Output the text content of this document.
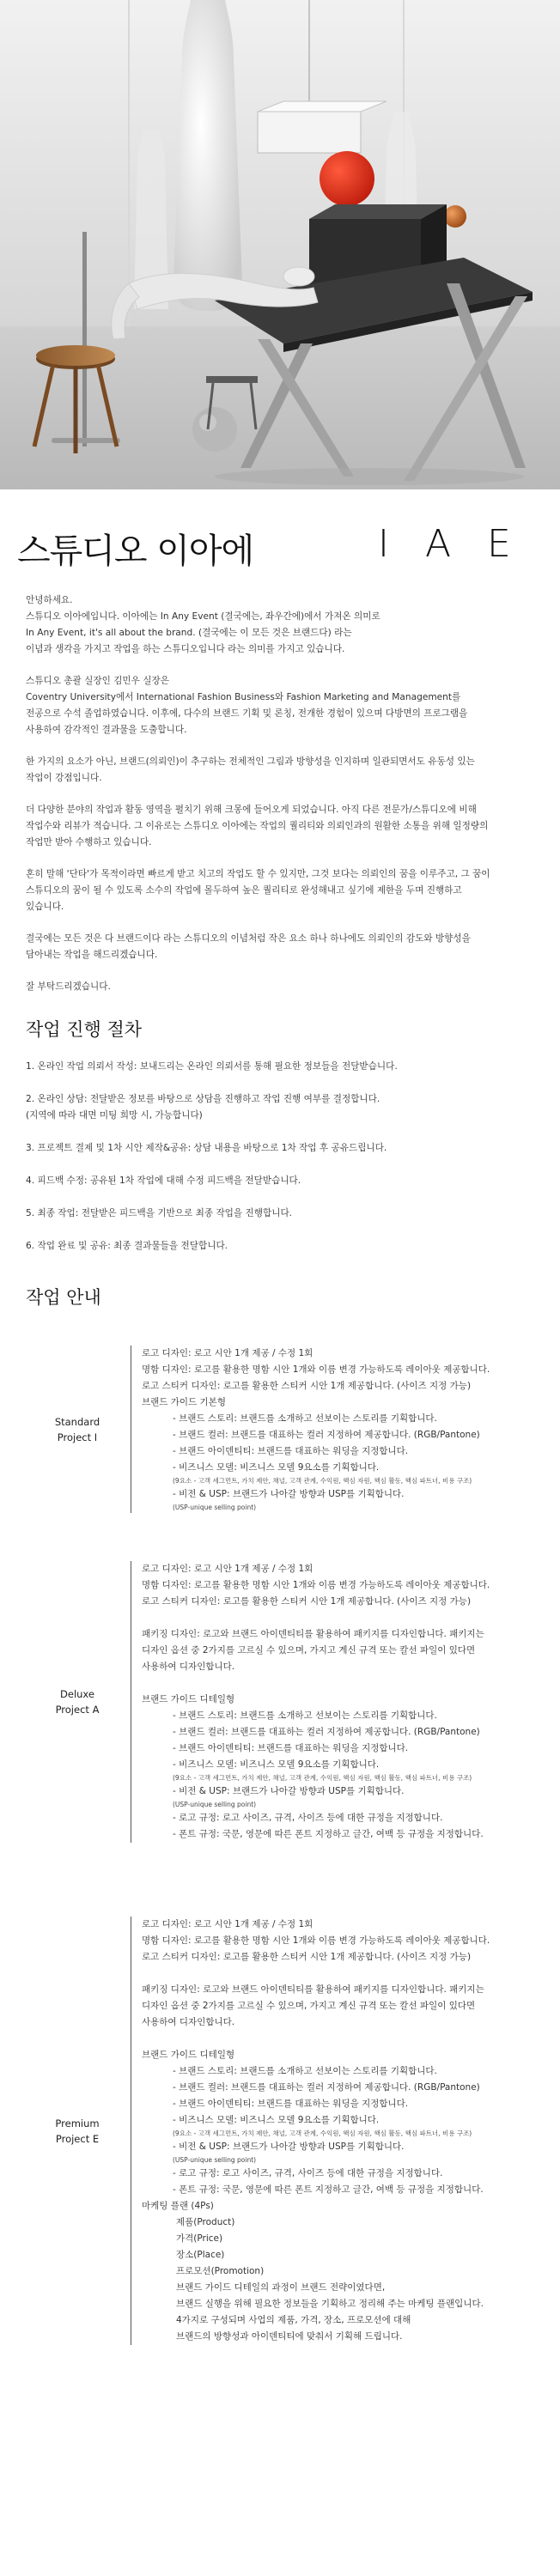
스튜디오 이아에	I A E

안녕하세요.
스튜디오 이아에입니다. 이아에는 In Any Event (결국에는, 좌우간에)에서 가져온 의미로
In Any Event, it's all about the brand. (결국에는 이 모든 것은 브랜드다) 라는
이념과 생각을 가지고 작업을 하는 스튜디오입니다 라는 의미를 가지고 있습니다.

스튜디오 총괄 실장인 김민우 실장은
Coventry University에서 International Fashion Business와 Fashion Marketing and Management를
전공으로 수석 졸업하였습니다. 이후에, 다수의 브랜드 기획 및 론칭, 전개한 경험이 있으며 다방면의 프로그램을
사용하여 감각적인 결과물을 도출합니다.

한 가지의 요소가 아닌, 브랜드(의뢰인)이 추구하는 전체적인 그림과 방향성을 인지하며 일관되면서도 유동성 있는
작업이 강점입니다.

더 다양한 분야의 작업과 활동 영역을 펼치기 위해 크몽에 들어오게 되었습니다. 아직 다른 전문가/스튜디오에 비해
작업수와 리뷰가 적습니다. 그 이유로는 스튜디오 이아에는 작업의 퀄리티와 의뢰인과의 원활한 소통을 위해 일정량의
작업만 받아 수행하고 있습니다.

혼히 말해 '단타'가 목적이라면 빠르게 받고 치고의 작업도 할 수 있지만, 그것 보다는 의뢰인의 꿈을 이루주고, 그 꿈이
스튜디오의 꿈이 될 수 있도록 소수의 작업에 몰두하여 높은 퀄리티로 완성해내고 싶기에 제한을 두며 진행하고
있습니다.

결국에는 모든 것은 다 브랜드이다 라는 스튜디오의 이념처럼 작은 요소 하나 하나에도 의뢰인의 감도와 방향성을
담아내는 작업을 해드리겠습니다.

잘 부탁드리겠습니다.

작업 진행 절차
1. 온라인 작업 의뢰서 작성: 보내드리는 온라인 의뢰서를 통해 필요한 정보들을 전달받습니다.
2. 온라인 상담: 전달받은 정보를 바탕으로 상담을 진행하고 작업 진행 여부를 결정합니다.
(지역에 따라 대면 미팅 희망 시, 가능합니다)
3. 프로젝트 결제 및 1차 시안 제작&공유: 상담 내용을 바탕으로 1차 작업 후 공유드립니다.
4. 피드백 수정: 공유된 1차 작업에 대해 수정 피드백을 전달받습니다.
5. 최종 작업: 전달받은 피드백을 기반으로 최종 작업을 진행합니다.
6. 작업 완료 및 공유: 최종 결과물들을 전달합니다.
작업 안내
로고 디자인: 로고 시안 1개 제공 / 수정 1회
명함 디자인: 로고를 활용한 명함 시안 1개와 이름 변경 가능하도록 레이아웃 제공합니다.
로고 스티커 디자인: 로고를 활용한 스티커 시안 1개 제공합니다. (사이즈 지정 가능)
브랜드 가이드 기본형
- 브랜드 스토리: 브랜드를 소개하고 선보이는 스토리를 기획합니다.
- 브랜드 컬러: 브랜드를 대표하는 컬러 지정하여 제공합니다. (RGB/Pantone)
- 브랜드 아이덴티티: 브랜드를 대표하는 워딩을 지정합니다.
- 비즈니스 모델: 비즈니스 모델 9요소를 기획합니다.
(9요소 - 고객 세그먼트, 가치 제안, 채널, 고객 관계, 수익원, 핵심 자원, 핵심 활동, 핵심 파트너, 비용 구조)
- 비전 & USP: 브랜드가 나아갈 방향과 USP를 기획합니다.
(USP-unique selling point)
Standard
Project I
로고 디자인: 로고 시안 1개 제공 / 수정 1회
명함 디자인: 로고를 활용한 명함 시안 1개와 이름 변경 가능하도록 레이아웃 제공합니다.
로고 스티커 디자인: 로고를 활용한 스티커 시안 1개 제공합니다. (사이즈 지정 가능)
패키징 디자인: 로고와 브랜드 아이덴티티를 활용하여 패키지를 디자인합니다. 패키지는
디자인 옵션 중 2가지를 고르실 수 있으며, 가지고 계신 규격 또는 칼선 파일이 있다면
사용하여 디자인합니다.
브랜드 가이드 디테일형
- 브랜드 스토리: 브랜드를 소개하고 선보이는 스토리를 기획합니다.
- 브랜드 컬러: 브랜드를 대표하는 컬러 지정하여 제공합니다. (RGB/Pantone)
- 브랜드 아이덴티티: 브랜드를 대표하는 워딩을 지정합니다.
- 비즈니스 모델: 비즈니스 모델 9요소를 기획합니다.
(9요소 - 고객 세그먼트, 가치 제안, 채널, 고객 관계, 수익원, 핵심 자원, 핵심 활동, 핵심 파트너, 비용 구조)
- 비전 & USP: 브랜드가 나아갈 방향과 USP를 기획합니다.
(USP-unique selling point)
- 로고 규정: 로고 사이즈, 규격, 사이즈 등에 대한 규정을 지정합니다.
- 폰트 규정: 국문, 영문에 따른 폰트 지정하고 글간, 여백 등 규정을 지정합니다.
Deluxe
Project A
로고 디자인: 로고 시안 1개 제공 / 수정 1회
명함 디자인: 로고를 활용한 명함 시안 1개와 이름 변경 가능하도록 레이아웃 제공합니다.
로고 스티커 디자인: 로고를 활용한 스티커 시안 1개 제공합니다. (사이즈 지정 가능)
패키징 디자인: 로고와 브랜드 아이덴티티를 활용하여 패키지를 디자인합니다. 패키지는
디자인 옵션 중 2가지를 고르실 수 있으며, 가지고 계신 규격 또는 칼선 파일이 있다면
사용하여 디자인합니다.
브랜드 가이드 디테일형
- 브랜드 스토리: 브랜드를 소개하고 선보이는 스토리를 기획합니다.
- 브랜드 컬러: 브랜드를 대표하는 컬러 지정하여 제공합니다. (RGB/Pantone)
- 브랜드 아이덴티티: 브랜드를 대표하는 워딩을 지정합니다.
- 비즈니스 모델: 비즈니스 모델 9요소를 기획합니다.
(9요소 - 고객 세그먼트, 가치 제안, 채널, 고객 관계, 수익원, 핵심 자원, 핵심 활동, 핵심 파트너, 비용 구조)
- 비전 & USP: 브랜드가 나아갈 방향과 USP를 기획합니다.
(USP-unique selling point)
- 로고 규정: 로고 사이즈, 규격, 사이즈 등에 대한 규정을 지정합니다.
- 폰트 규정: 국문, 영문에 따른 폰트 지정하고 글간, 여백 등 규정을 지정합니다.
마케팅 플랜 (4Ps)
제품(Product)
가격(Price)
장소(Place)
프로모션(Promotion)
브랜드 가이드 디테일의 과정이 브랜드 전략이였다면,
브랜드 실행을 위해 필요한 정보들을 기획하고 정리해 주는 마케팅 플랜입니다.
4가지로 구성되며 사업의 제품, 가격, 장소, 프로모션에 대해
브랜드의 방향성과 아이덴티티에 맞춰서 기획해 드립니다.
Premium
Project E
